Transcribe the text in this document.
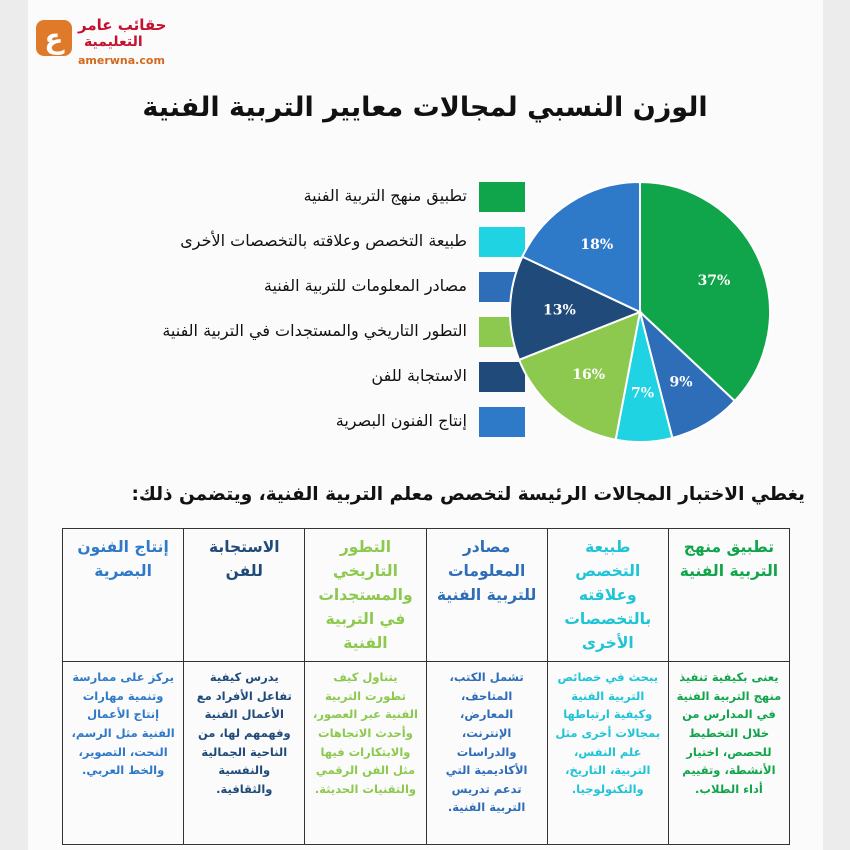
ع حقائب عامر
التعليمية
amerwna.com
الوزن النسبي لمجالات معايير التربية الفنية
تطبيق منهج التربية الفنية
طبيعة التخصص وعلاقته بالتخصصات الأخرى
مصادر المعلومات للتربية الفنية
التطور التاريخي والمستجدات في التربية الفنية
الاستجابة للفن
إنتاج الفنون البصرية
37%
9%
7%
16%
13%
18%
يغطي الاختبار المجالات الرئيسة لتخصص معلم التربية الفنية، ويتضمن ذلك:
تطبيق منهج التربية الفنية	طبيعة التخصص وعلاقته بالتخصصات الأخرى	مصادر المعلومات للتربية الفنية	التطور التاريخي والمستجدات في التربية الفنية	الاستجابة للفن	إنتاج الفنون البصرية
يعنى بكيفية تنفيذ منهج التربية الفنية في المدارس من خلال التخطيط للحصص، اختيار الأنشطة، وتقييم أداء الطلاب.	يبحث في خصائص التربية الفنية وكيفية ارتباطها بمجالات أخرى مثل علم النفس، التربية، التاريخ، والتكنولوجيا.	تشمل الكتب، المتاحف، المعارض، الإنترنت، والدراسات الأكاديمية التي تدعم تدريس التربية الفنية.	يتناول كيف تطورت التربية الفنية عبر العصور، وأحدث الاتجاهات والابتكارات فيها مثل الفن الرقمي والتقنيات الحديثة.	يدرس كيفية تفاعل الأفراد مع الأعمال الفنية وفهمهم لها، من الناحية الجمالية والنفسية والثقافية.	يركز على ممارسة وتنمية مهارات إنتاج الأعمال الفنية مثل الرسم، النحت، التصوير، والخط العربي.
